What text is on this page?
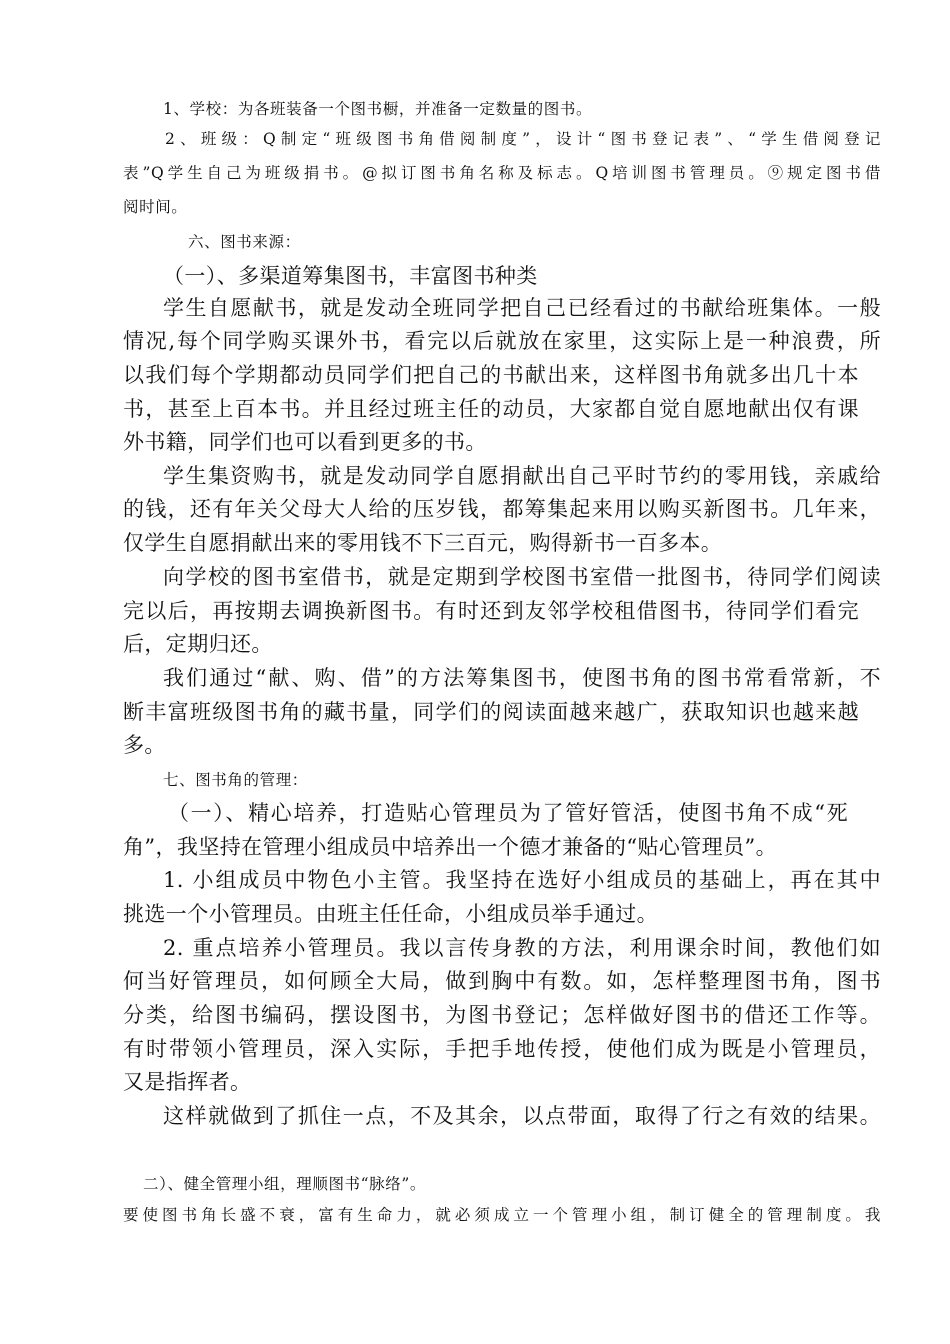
1、学校：为各班装备一个图书橱，并准备一定数量的图书。
2、班级：Q制定“班级图书角借阅制度”，设计“图书登记表”、“学生借阅登记
表”Q学生自己为班级捐书。@拟订图书角名称及标志。Q培训图书管理员。⑨规定图书借
阅时间。
六、图书来源：
（一）、多渠道筹集图书，丰富图书种类
学生自愿献书，就是发动全班同学把自己已经看过的书献给班集体。一般
情况,每个同学购买课外书，看完以后就放在家里，这实际上是一种浪费，所
以我们每个学期都动员同学们把自己的书献出来，这样图书角就多出几十本
书，甚至上百本书。并且经过班主任的动员，大家都自觉自愿地献出仅有课
外书籍，同学们也可以看到更多的书。
学生集资购书，就是发动同学自愿捐献出自己平时节约的零用钱，亲戚给
的钱，还有年关父母大人给的压岁钱，都筹集起来用以购买新图书。几年来，
仅学生自愿捐献出来的零用钱不下三百元，购得新书一百多本。
向学校的图书室借书，就是定期到学校图书室借一批图书，待同学们阅读
完以后，再按期去调换新图书。有时还到友邻学校租借图书，待同学们看完
后，定期归还。
我们通过“献、购、借”的方法筹集图书，使图书角的图书常看常新，不
断丰富班级图书角的藏书量，同学们的阅读面越来越广，获取知识也越来越
多。
七、图书角的管理：
（一）、精心培养，打造贴心管理员为了管好管活，使图书角不成“死
角”，我坚持在管理小组成员中培养出一个德才兼备的“贴心管理员”。
1. 小组成员中物色小主管。我坚持在选好小组成员的基础上，再在其中
挑选一个小管理员。由班主任任命，小组成员举手通过。
2. 重点培养小管理员。我以言传身教的方法，利用课余时间，教他们如
何当好管理员，如何顾全大局，做到胸中有数。如，怎样整理图书角，图书
分类，给图书编码，摆设图书，为图书登记；怎样做好图书的借还工作等。
有时带领小管理员，深入实际，手把手地传授，使他们成为既是小管理员，
又是指挥者。
这样就做到了抓住一点，不及其余，以点带面，取得了行之有效的结果。
二）、健全管理小组，理顺图书“脉络”。
要使图书角长盛不衰，富有生命力，就必须成立一个管理小组，制订健全的管理制度。我
